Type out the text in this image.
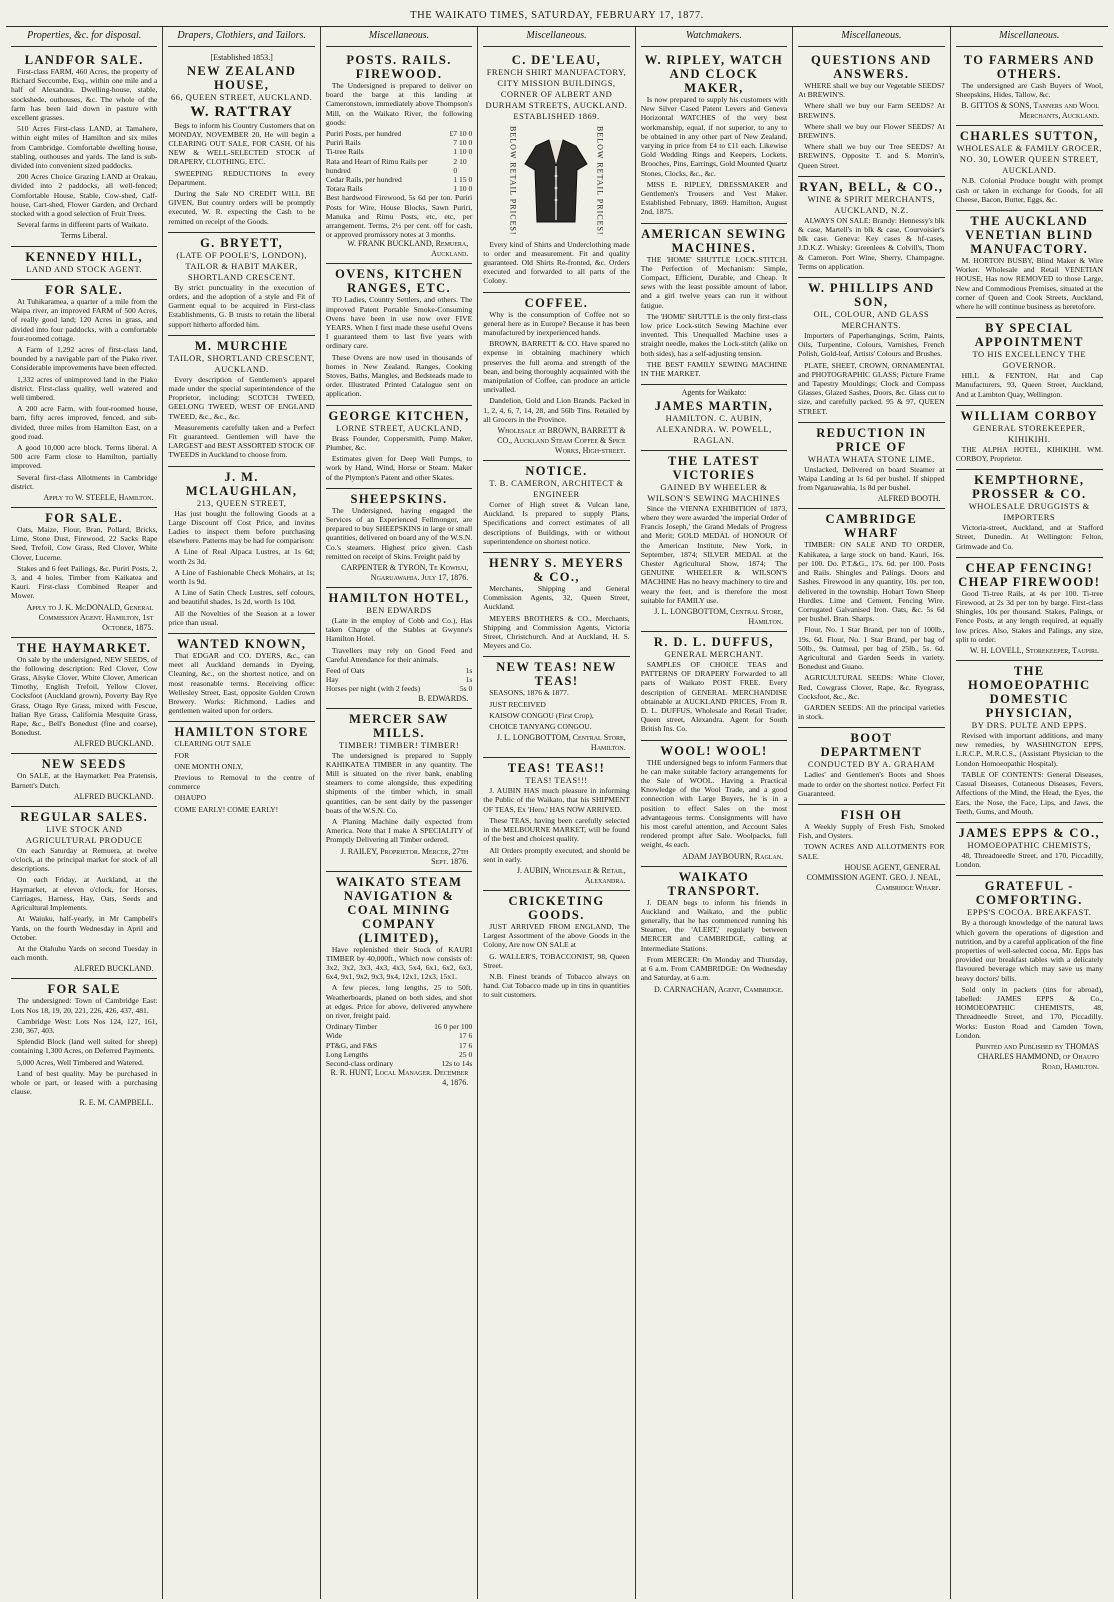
THE WAIKATO TIMES, SATURDAY, FEBRUARY 17, 1877.
Properties, &c. for disposal.
LANDFOR SALE.

First-class FARM, 460 Acres, the property of Richard Seccombe, Esq., within one mile and a half of Alexandra. Dwelling-house, stable, stockshede, outhouses, &c. The whole of the farm has been laid down in pasture with excellent grasses.

510 Acres First-class LAND, at Tamahere, within eight miles of Hamilton and six miles from Cambridge. Comfortable dwelling house, stabling, outhouses and yards. The land is sub-divided into convenient sized paddocks.

200 Acres Choice Grazing LAND at Orakau, divided into 2 paddocks, all well-fenced; Comfortable House, Stable, Cow-shed, Calf-house, Cart-shed, Flower Garden, and Orchard stocked with a good selection of Fruit Trees.

Several farms in different parts of Waikato.

Terms Liberal.
KENNEDY HILL,
LAND AND STOCK AGENT.
FOR SALE.

At Tuhikaramea, a quarter of a mile from the Waipa river, an improved FARM of 500 Acres, of really good land; 120 Acres in grass, and divided into four paddocks, with a comfortable four-roomed cottage.

A Farm of 1,292 acres of first-class land, bounded by a navigable part of the Piako river. Considerable improvements have been effected.

1,332 acres of unimproved land in the Piako district. First-class quality, well watered and well timbered.

A 200 acre Farm, with four-roomed house, barn, fifty acres improved, fenced, and sub-divided, three miles from Hamilton East, on a good road.

A good 10,000 acre block. Terms liberal. A 500 acre Farm close to Hamilton, partially improved.

Several first-class Allotments in Cambridge district.

Apply to W. STEELE, Hamilton.
FOR SALE.

Oats, Maize, Flour, Bran, Pollard, Bricks, Lime, Stone Dust, Firewood, 22 Sacks Rape Seed, Trefoil, Cow Grass, Red Clover, White Clover, Lucerne.

Stakes and 6 feet Pailings, &c. Puriri Posts, 2, 3, and 4 holes. Timber from Kaikatea and Kauri. First-class Combined Reaper and Mower.

Apply to J. K. McDONALD, General Commission Agent. Hamilton, 1st October, 1875.
THE HAYMARKET.

On sale by the undersigned, NEW SEEDS, of the following description: Red Clover, Cow Grass, Alsyke Clover, White Clover, American Timothy, English Trefoil, Yellow Clover, Cocksfoot (Auckland grown), Poverty Bay Rye Grass, Otago Rye Grass, mixed with Fescue, Italian Rye Grass, California Mesquite Grass, Rape, &c., Bell's Bonedust (fine and coarse), Bonedust.

ALFRED BUCKLAND.
NEW SEEDS

On SALE, at the Haymarket: Pea Pratensis, Barnett's Dutch.

ALFRED BUCKLAND.
REGULAR SALES.
LIVE STOCK AND AGRICULTURAL PRODUCE

On each Saturday at Remuera, at twelve o'clock, at the principal market for stock of all descriptions.

On each Friday, at Auckland, at the Haymarket, at eleven o'clock, for Horses, Carriages, Harness, Hay, Oats, Seeds and Agricultural Implements.

At Waiuku, half-yearly, in Mr Campbell's Yards, on the fourth Wednesday in April and October.

At the Otahuhu Yards on second Tuesday in each month.

ALFRED BUCKLAND.
FOR SALE

The undersigned: Town of Cambridge East: Lots Nos 18, 19, 20, 221, 226, 426, 437, 481.

Cambridge West: Lots Nos 124, 127, 161, 230, 367, 403.

Splendid Block (land well suited for sheep) containing 1,300 Acres, on Deferred Payments.

5,000 Acres, Well Timbered and Watered.

Land of best quality. May be purchased in whole or part, or leased with a purchasing clause.

R. E. M. CAMPBELL.
Drapers, Clothiers, and Tailors.
[Established 1853.]
NEW ZEALAND HOUSE,
66, QUEEN STREET, AUCKLAND.
W. RATTRAY

Begs to inform his Country Customers that on MONDAY, NOVEMBER 20, He will begin a CLEARING OUT SALE, FOR CASH, Of his NEW & WELL-SELECTED STOCK of DRAPERY, CLOTHING, ETC.

SWEEPING REDUCTIONS In every Department.

During the Sale NO CREDIT WILL BE GIVEN, But country orders will be promptly executed, W. R. expecting the Cash to be remitted on receipt of the Goods.

G. BRYETT,
(LATE OF POOLE'S, LONDON), TAILOR & HABIT MAKER, SHORTLAND CRESCENT.

By strict punctuality in the execution of orders, and the adoption of a style and Fit of Garment equal to be acquired in First-class Establishments, G. B trusts to retain the liberal support hitherto afforded him.

M. MURCHIE
TAILOR, SHORTLAND CRESCENT, AUCKLAND.

Every description of Gentlemen's apparel made under the special superintendence of the Proprietor, including: SCOTCH TWEED, GEELONG TWEED, WEST OF ENGLAND TWEED, &c., &c., &c.

Measurements carefully taken and a Perfect Fit guaranteed. Gentlemen will have the LARGEST and BEST ASSORTED STOCK OF TWEEDS in Auckland to choose from.

J. M. MCLAUGHLAN,
213, QUEEN STREET,

Has just bought the following Goods at a Large Discount off Cost Price, and invites Ladies to inspect them before purchasing elsewhere. Patterns may be had for comparison:

A Line of Real Alpaca Lustres, at 1s 6d; worth 2s 3d.

A Line of Fashionable Check Mohairs, at 1s; worth 1s 9d.

A Line of Satin Check Lustres, self colours, and beautiful shades, 1s 2d, worth 1s 10d.

All the Novelties of the Season at a lower price than usual.

WANTED KNOWN,

That EDGAR and CO. DYERS, &c., can meet all Auckland demands in Dyeing, Cleaning, &c., on the shortest notice, and on most reasonable terms. Receiving office: Wellesley Street, East, opposite Golden Crown Brewery. Works: Richmond. Ladies and gentlemen waited upon for orders.

HAMILTON STORE

CLEARING OUT SALE

FOR

ONE MONTH ONLY,

Previous to Removal to the centre of commerce

OHAUPO

COME EARLY! COME EARLY!

Miscellaneous.
POSTS. RAILS. FIREWOOD.

The Undersigned is prepared to deliver on board the barge at this landing at Cameronstown, immediately above Thompson's Mill, on the Waikato River, the following goods:

Puriri Posts, per hundred	£7 10 0
Puriri Rails	7 10 0
Ti-tree Rails	1 10 0
Rata and Heart of Rimu Rails per hundred
2 10 0
Cedar Rails, per hundred	1 15 0
Totara Rails	1 10 0
Best hardwood Firewood, 5s 6d per ton. Puriri Posts for Wire, House Blocks, Sawn Puriri, Manuka and Rimu Posts, etc, etc, per arrangement. Terms, 2½ per cent. off for cash, or approved promissory notes at 3 months.
W. FRANK BUCKLAND, Remuera, Auckland.
OVENS, KITCHEN RANGES, ETC.

TO Ladies, Country Settlers, and others. The improved Patent Portable Smoke-Consuming Ovens have been in use now over FIVE YEARS. When I first made these useful Ovens I guaranteed them to last five years with ordinary care.

These Ovens are now used in thousands of homes in New Zealand. Ranges, Cooking Stoves, Baths, Mangles, and Bedsteads made to order. Illustrated Printed Catalogue sent on application.

GEORGE KITCHEN,
LORNE STREET, AUCKLAND,

Brass Founder, Coppersmith, Pump Maker, Plumber, &c.

Estimates given for Deep Well Pumps, to work by Hand, Wind, Horse or Steam. Maker of the Plympton's Patent and other Skates.

SHEEPSKINS.

The Undersigned, having engaged the Services of an Experienced Fellmonger, are prepared to buy SHEEPSKINS in large or small quantities, delivered on board any of the W.S.N. Co.'s steamers. Highest price given. Cash remitted on receipt of Skins. Freight paid by

CARPENTER & TYRON, Te Kowhai, Ngaruawahia. July 17, 1876.
HAMILTON HOTEL,
BEN EDWARDS

(Late in the employ of Cobb and Co.), Has taken Charge of the Stables at Gwynne's Hamilton Hotel.

Travellers may rely on Good Feed and Careful Attendance for their animals.

Feed of Oats	1s
Hay	1s
Horses per night (with 2 feeds)	5s 0
B. EDWARDS.
MERCER SAW MILLS.
TIMBER! TIMBER! TIMBER!

The undersigned is prepared to Supply KAHIKATEA TIMBER in any quantity. The Mill is situated on the river bank, enabling steamers to come alongside, thus expediting shipments of the timber which, in small quantities, can be sent daily by the passenger boats of the W.S.N. Co.

A Planing Machine daily expected from America. Note that I make A SPECIALITY of Promptly Delivering all Timber ordered.

J. RAILEY, Proprietor. Mercer, 27th Sept. 1876.
WAIKATO STEAM NAVIGATION & COAL MINING COMPANY (LIMITED),

Have replenished their Stock of KAURI TIMBER by 40,000ft., Which now consists of: 3x2, 3x2, 3x3, 4x3, 4x3, 5x4, 6x1, 6x2, 6x3, 6x4, 9x1, 9x2, 9x3, 9x4, 12x1, 12x3, 15x1.

A few pieces, long lengths, 25 to 50ft. Weatherboards, planed on both sides, and shot at edges. Price for above, delivered anywhere on river, freight paid.

Ordinary Timber	16 0 per 100
Wide	17 6
PT&G, and F&S	17 6
Long Lengths	25 0
Second-class ordinary	12s to 14s
R. R. HUNT, Local Manager. December 4, 1876.
Miscellaneous.
C. DE'LEAU,
FRENCH SHIRT MANUFACTORY, CITY MISSION BUILDINGS, CORNER OF ALBERT AND DURHAM STREETS, AUCKLAND. ESTABLISHED 1869.
BELOW RETAIL PRICES!	BELOW RETAIL PRICES!

Every kind of Shirts and Underclothing made to order and measurement. Fit and quality guaranteed. Old Shirts Re-fronted, &c. Orders executed and forwarded to all parts of the Colony.

COFFEE.

Why is the consumption of Coffee not so general here as in Europe? Because it has been manufactured by inexperienced hands.

BROWN, BARRETT & CO. Have spared no expense in obtaining machinery which preserves the full aroma and strength of the bean, and being thoroughly acquainted with the manipulation of Coffee, can produce an article unrivalled.

Dandelion, Gold and Lion Brands. Packed in 1, 2, 4, 6, 7, 14, 28, and 56lb Tins. Retailed by all Grocers in the Province.

Wholesale at BROWN, BARRETT & CO., Auckland Steam Coffee & Spice Works, High-street.
NOTICE.
T. B. CAMERON, ARCHITECT & ENGINEER

Corner of High street & Vulcan lane, Auckland. Is prepared to supply Plans, Specifications and correct estimates of all descriptions of Buildings, with or without superintendence on shortest notice.

HENRY S. MEYERS & CO.,

Merchants, Shipping and General Commission Agents, 32, Queen Street, Auckland.

MEYERS BROTHERS & CO., Merchants, Shipping and Commission Agents, Victoria Street, Christchurch. And at Auckland, H. S. Meyers and Co.

NEW TEAS! NEW TEAS!

SEASONS, 1876 & 1877.

JUST RECEIVED

KAISOW CONGOU (First Crop),

CHOICE TANYANG CONGOU.

J. L. LONGBOTTOM, Central Store, Hamilton.
TEAS! TEAS!!
TEAS! TEAS!!!

J. AUBIN HAS much pleasure in informing the Public of the Waikato, that his SHIPMENT OF TEAS, Ex 'Hero,' HAS NOW ARRIVED.

These TEAS, having been carefully selected in the MELBOURNE MARKET, will be found of the best and choicest quality.

All Orders promptly executed, and should be sent in early.

J. AUBIN, Wholesale & Retail, Alexandra.
CRICKETING GOODS.

JUST ARRIVED FROM ENGLAND, The Largest Assortment of the above Goods in the Colony, Are now ON SALE at

G. WALLER'S, TOBACCONIST, 98, Queen Street.

N.B. Finest brands of Tobacco always on hand. Cut Tobacco made up in tins in quantities to suit customers.

Watchmakers.
W. RIPLEY, WATCH AND CLOCK MAKER,

Is now prepared to supply his customers with New Silver Cased Patent Levers and Geneva Horizontal WATCHES of the very best workmanship, equal, if not superior, to any to be obtained in any other part of New Zealand, varying in price from £4 to £11 each. Likewise Gold Wedding Rings and Keepers, Lockets, Brooches, Pins, Earrings, Gold Mounted Quartz Stones, Clocks, &c., &c.

MISS E. RIPLEY, DRESSMAKER and Gentlemen's Trousers and Vest Maker. Established February, 1869. Hamilton, August 2nd, 1875.

AMERICAN SEWING MACHINES.

THE 'HOME' SHUTTLE LOCK-STITCH. The Perfection of Mechanism: Simple, Compact, Efficient, Durable, and Cheap. It sews with the least possible amount of labor, and a girl twelve years can run it without fatigue.

The 'HOME' SHUTTLE is the only first-class low price Lock-stitch Sewing Machine ever invented. This Unequalled Machine uses a straight needle, makes the Lock-stitch (alike on both sides), has a self-adjusting tension.

THE BEST FAMILY SEWING MACHINE IN THE MARKET.

Agents for Waikato:
JAMES MARTIN,
HAMILTON. C. AUBIN, ALEXANDRA. W. POWELL, RAGLAN.
THE LATEST VICTORIES
GAINED BY WHEELER & WILSON'S SEWING MACHINES

Since the VIENNA EXHIBITION of 1873, where they were awarded 'the imperial Order of Francis Joseph,' the Grand Medals of Progress and Merit; GOLD MEDAL of HONOUR Of the American Institute, New York, in September, 1874; SILVER MEDAL at the Chester Agricultural Show, 1874; The GENUINE WHEELER & WILSON'S MACHINE Has no heavy machinery to tire and weary the feet, and is therefore the most suitable for FAMILY use.

J. L. LONGBOTTOM, Central Store, Hamilton.
R. D. L. DUFFUS,
GENERAL MERCHANT.

SAMPLES OF CHOICE TEAS and PATTERNS OF DRAPERY Forwarded to all parts of Waikato POST FREE. Every description of GENERAL MERCHANDISE obtainable at AUCKLAND PRICES, From R. D. L. DUFFUS, Wholesale and Retail Trader, Queen street, Alexandra. Agent for South British Ins. Co.

WOOL! WOOL!

THE undersigned begs to inform Farmers that he can make suitable factory arrangements for the Sale of WOOL. Having a Practical Knowledge of the Wool Trade, and a good connection with Large Buyers, he is in a position to effect Sales on the most advantageous terms. Consignments will have his most careful attention, and Account Sales rendered prompt after Sale. Woolpacks, full weight, 4s each.

ADAM JAYBOURN, Raglan.
WAIKATO TRANSPORT.

J. DEAN begs to inform his friends in Auckland and Waikato, and the public generally, that he has commenced running his Steamer, the 'ALERT,' regularly between MERCER and CAMBRIDGE, calling at Intermediate Stations.

From MERCER: On Monday and Thursday, at 6 a.m. From CAMBRIDGE: On Wednesday and Saturday, at 6 a.m.

D. CARNACHAN, Agent, Cambridge.
Miscellaneous.
QUESTIONS AND ANSWERS.

WHERE shall we buy our Vegetable SEEDS? At BREWIN'S.

Where shall we buy our Farm SEEDS? At BREWIN'S.

Where shall we buy our Flower SEEDS? At BREWIN'S.

Where shall we buy our Tree SEEDS? At BREWIN'S, Opposite T. and S. Morrin's, Queen Street.

RYAN, BELL, & CO.,
WINE & SPIRIT MERCHANTS, AUCKLAND, N.Z.

ALWAYS ON SALE: Brandy: Hennessy's blk & case, Martell's in blk & case, Courvoisier's blk case. Geneva: Key cases & hf-cases, J.D.K.Z. Whisky: Greenlees & Colvill's, Thom & Cameron. Port Wine, Sherry, Champagne. Terms on application.

W. PHILLIPS AND SON,
OIL, COLOUR, AND GLASS MERCHANTS.

Importers of Paperhangings, Scrim, Paints, Oils, Turpentine, Colours, Varnishes, French Polish, Gold-leaf, Artists' Colours and Brushes.

PLATE, SHEET, CROWN, ORNAMENTAL and PHOTOGRAPHIC GLASS; Picture Frame and Tapestry Mouldings; Clock and Compass Glasses, Glazed Sashes, Doors, &c. Glass cut to size, and carefully packed. 95 & 97, QUEEN STREET.

REDUCTION IN PRICE OF
WHATA WHATA STONE LIME.

Unslacked, Delivered on board Steamer at Waipa Landing at 1s 6d per bushel. If shipped from Ngaruawahia, 1s 8d per bushel.

ALFRED BOOTH.
CAMBRIDGE WHARF

TIMBER: ON SALE AND TO ORDER, Kahikatea, a large stock on band. Kauri, 16s. per 100. Do. P.T.&G., 17s. 6d. per 100. Posts and Rails. Shingles and Palings. Doors and Sashes. Firewood in any quantity, 10s. per ton, delivered in the township. Hobart Town Sheep Hurdles. Lime and Cement. Fencing Wire. Corrugated Galvanised Iron. Oats, &c. 5s 6d per bushel. Bran. Sharps.

Flour, No. 1 Star Brand, per ton of 100lb., 19s. 6d. Flour, No. 1 Star Brand, per bag of 50lb., 9s. Oatmeal, per bag of 25lb., 5s. 6d. Agricultural and Garden Seeds in variety. Bonedust and Guano.

AGRICULTURAL SEEDS: White Clover, Red, Cowgrass Clover, Rape, &c. Ryegrass, Cocksfoot, &c., &c.

GARDEN SEEDS: All the principal varieties in stock.

BOOT DEPARTMENT
CONDUCTED BY A. GRAHAM

Ladies' and Gentlemen's Boots and Shoes made to order on the shortest notice. Perfect Fit Guaranteed.

FISH OH

A Weekly Supply of Fresh Fish, Smoked Fish, and Oysters.

TOWN ACRES AND ALLOTMENTS FOR SALE.

HOUSE AGENT, GENERAL COMMISSION AGENT. GEO. J. NEAL, Cambridge Wharf.
Miscellaneous.
TO FARMERS AND OTHERS.

The undersigned are Cash Buyers of Wool, Sheepskins, Hides, Tallow, &c.

B. GITTOS & SONS, Tanners and Wool Merchants, Auckland.
CHARLES SUTTON,
WHOLESALE & FAMILY GROCER, NO. 30, LOWER QUEEN STREET, AUCKLAND.

N.B. Colonial Produce bought with prompt cash or taken in exchange for Goods, for all Cheese, Bacon, Butter, Eggs, &c.

THE AUCKLAND VENETIAN BLIND MANUFACTORY.

M. HORTON BUSBY, Blind Maker & Wire Worker. Wholesale and Retail VENETIAN HOUSE, Has now REMOVED to those Large, New and Commodious Premises, situated at the corner of Queen and Cook Streets, Auckland, where he will continue business as heretofore.

BY SPECIAL APPOINTMENT
TO HIS EXCELLENCY THE GOVERNOR.

HILL & FENTON, Hat and Cap Manufacturers, 93, Queen Street, Auckland, And at Lambton Quay, Wellington.

WILLIAM CORBOY
GENERAL STOREKEEPER, KIHIKIHI.

THE ALPHA HOTEL, KIHIKIHI. WM. CORBOY, Proprietor.

KEMPTHORNE, PROSSER & CO.
WHOLESALE DRUGGISTS & IMPORTERS

Victoria-street, Auckland, and at Stafford Street, Dunedin. At Wellington: Felton, Grimwade and Co.

CHEAP FENCING! CHEAP FIREWOOD!

Good Ti-tree Rails, at 4s per 100. Ti-tree Firewood, at 2s 3d per ton by barge. First-class Shingles, 10s per thousand. Stakes, Palings, or Fence Posts, at any length required, at equally low prices. Also, Stakes and Palings, any size, split to order.

W. H. LOVELL, Storekeeper, Taupiri.
THE HOMOEOPATHIC DOMESTIC PHYSICIAN,
BY DRS. PULTE AND EPPS.

Revised with important additions, and many new remedies, by WASHINGTON EPPS, L.R.C.P., M.R.C.S., (Assistant Physician to the London Homoeopathic Hospital).

TABLE OF CONTENTS: General Diseases, Casual Diseases, Cutaneous Diseases, Fevers, Affections of the Mind, the Head, the Eyes, the Ears, the Nose, the Face, Lips, and Jaws, the Teeth, Gums, and Mouth.

JAMES EPPS & CO.,
HOMOEOPATHIC CHEMISTS,

48, Threadneedle Street, and 170, Piccadilly, London.

GRATEFUL - COMFORTING.
EPPS'S COCOA. BREAKFAST.

By a thorough knowledge of the natural laws which govern the operations of digestion and nutrition, and by a careful application of the fine properties of well-selected cocoa, Mr. Epps has provided our breakfast tables with a delicately flavoured beverage which may save us many heavy doctors' bills.

Sold only in packets (tins for abroad), labelled: JAMES EPPS & Co., HOMOEOPATHIC CHEMISTS, 48, Threadneedle Street, and 170, Piccadilly. Works: Euston Road and Camden Town, London.

Printed and Published by THOMAS CHARLES HAMMOND, of Ohaupo Road, Hamilton.
